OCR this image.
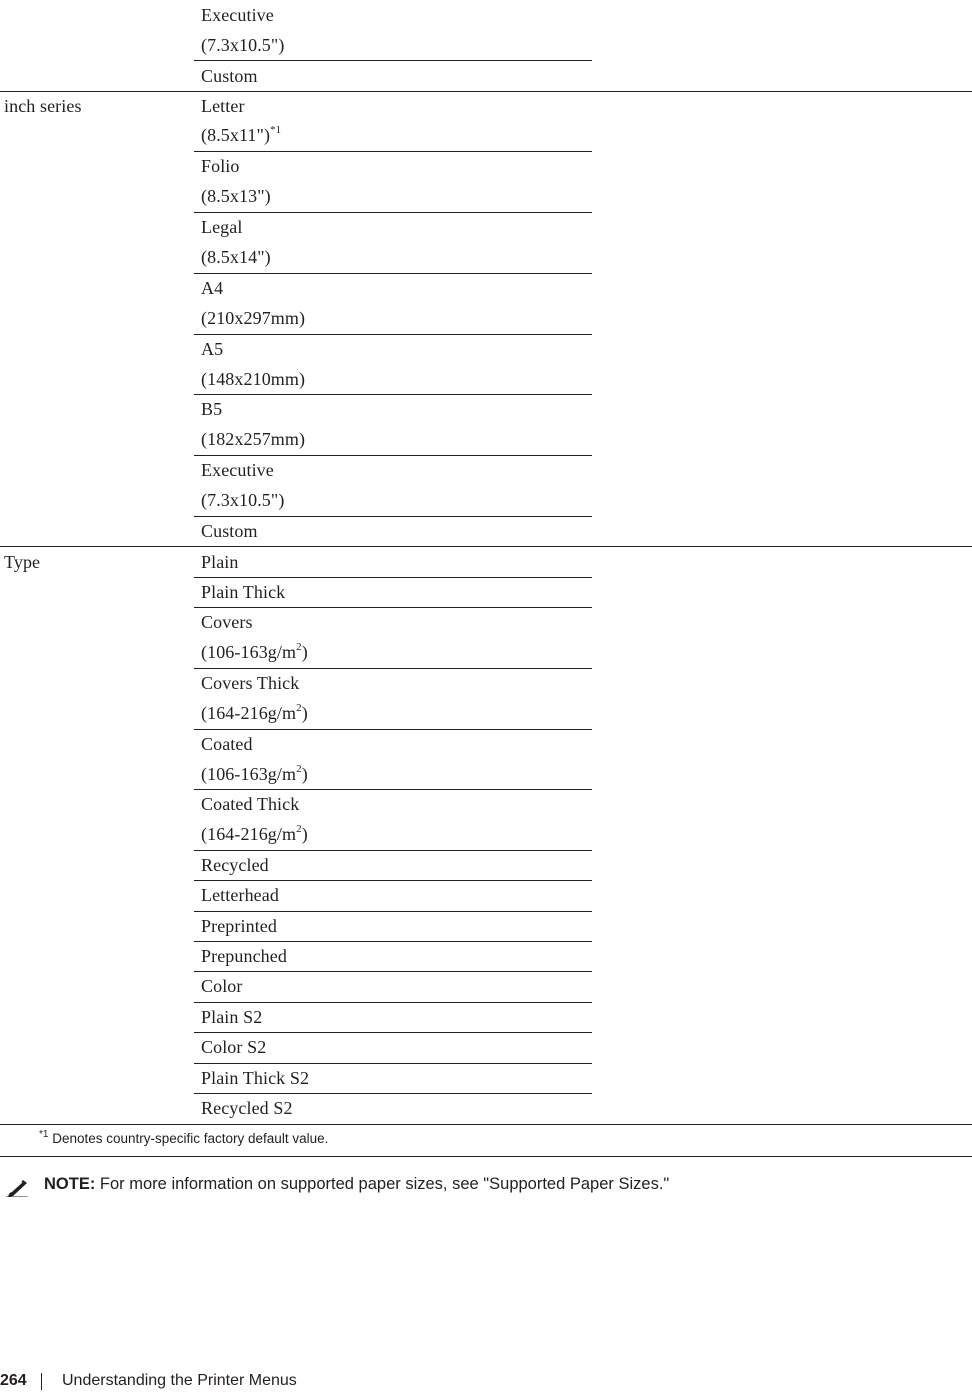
Executive
(7.3x10.5")
Custom
inch series	Letter
(8.5x11")$^{*1}$
Folio
(8.5x13")
Legal
(8.5x14")
A4
(210x297mm)
A5
(148x210mm)
B5
(182x257mm)
Executive
(7.3x10.5")
Custom
Type	Plain
Plain Thick
Covers
$(106-163g/m^2)$
Covers Thick
$(164-216g/m^2)$
Coated
$(106-163g/m^2)$
Coated Thick
$(164-216g/m^2)$
Recycled
Letterhead
Preprinted
Prepunched
Color
Plain S2
Color S2
Plain Thick S2
Recycled S2
$^{*1}$ Denotes country-specific factory default value.
NOTE: For more information on supported paper sizes, see "Supported Paper Sizes."
264 Understanding the Printer Menus
